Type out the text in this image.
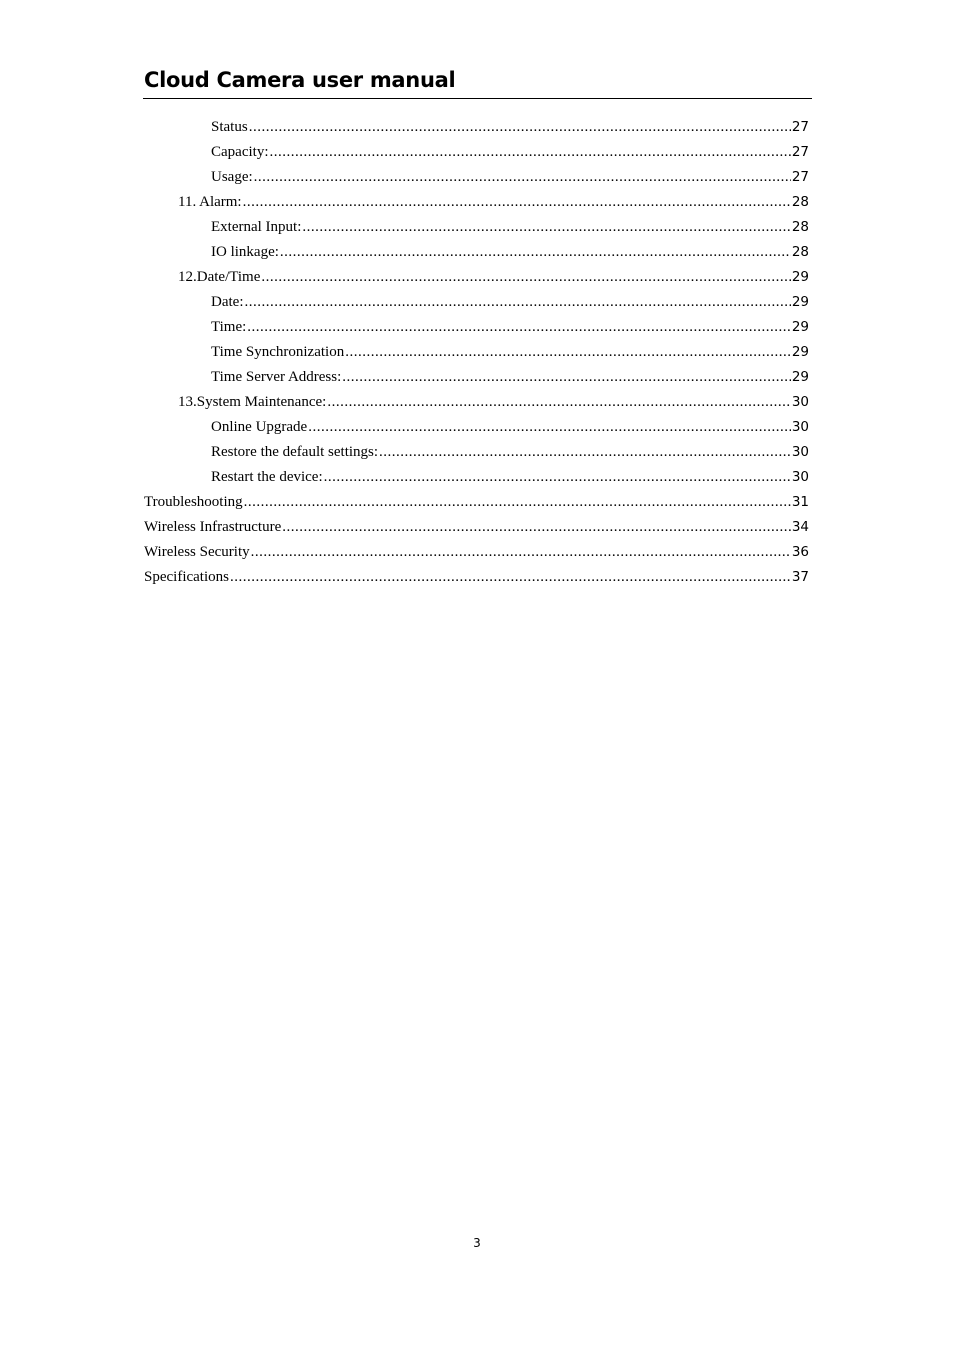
Cloud Camera user manual
Status .....	27
Capacity: .....	27
Usage: .....	27
11. Alarm: .....	28
External Input: .....	28
IO linkage: .....	28
12.Date/Time .....	29
Date: .....	29
Time: .....	29
Time Synchronization .....	29
Time Server Address: .....	29
13.System Maintenance: .....	30
Online Upgrade .....	30
Restore the default settings: .....	30
Restart the device: .....	30
Troubleshooting .....	31
Wireless Infrastructure .....	34
Wireless Security .....	36
Specifications .....	37
3
